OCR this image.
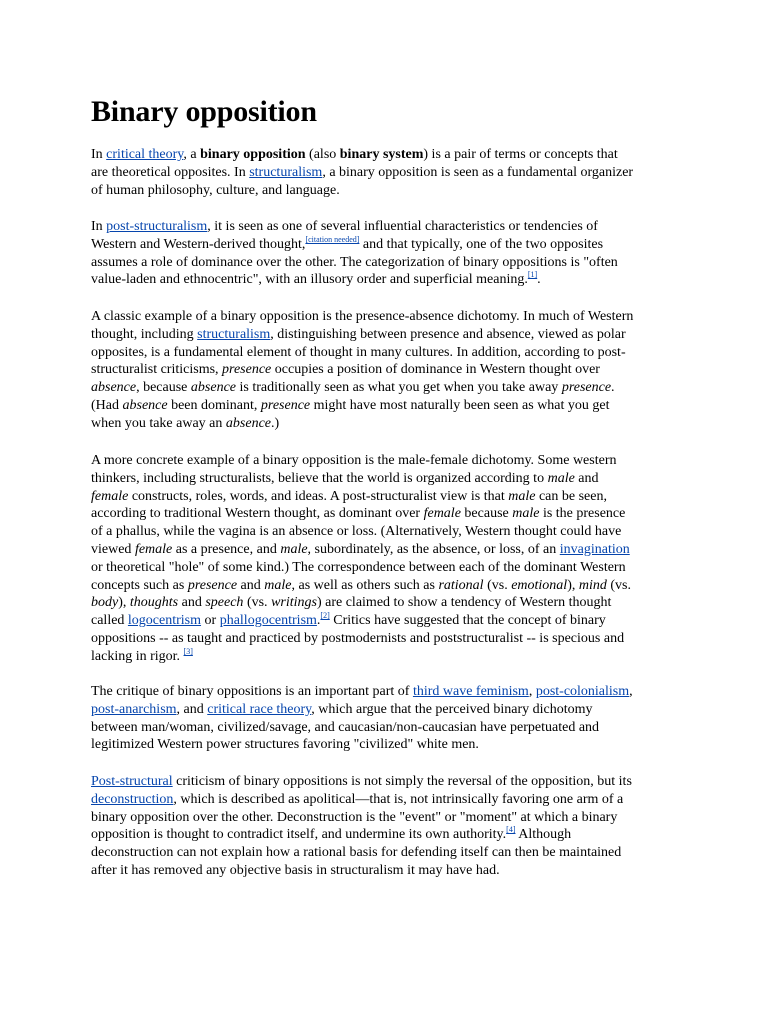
Binary opposition

In critical theory, a binary opposition (also binary system) is a pair of terms or concepts that
are theoretical opposites. In structuralism, a binary opposition is seen as a fundamental organizer
of human philosophy, culture, and language.

In post-structuralism, it is seen as one of several influential characteristics or tendencies of
Western and Western-derived thought,[citation needed] and that typically, one of the two opposites
assumes a role of dominance over the other. The categorization of binary oppositions is "often
value-laden and ethnocentric", with an illusory order and superficial meaning.[1].

A classic example of a binary opposition is the presence-absence dichotomy. In much of Western
thought, including structuralism, distinguishing between presence and absence, viewed as polar
opposites, is a fundamental element of thought in many cultures. In addition, according to post-
structuralist criticisms, presence occupies a position of dominance in Western thought over
absence, because absence is traditionally seen as what you get when you take away presence.
(Had absence been dominant, presence might have most naturally been seen as what you get
when you take away an absence.)

A more concrete example of a binary opposition is the male-female dichotomy. Some western
thinkers, including structuralists, believe that the world is organized according to male and
female constructs, roles, words, and ideas. A post-structuralist view is that male can be seen,
according to traditional Western thought, as dominant over female because male is the presence
of a phallus, while the vagina is an absence or loss. (Alternatively, Western thought could have
viewed female as a presence, and male, subordinately, as the absence, or loss, of an invagination
or theoretical "hole" of some kind.) The correspondence between each of the dominant Western
concepts such as presence and male, as well as others such as rational (vs. emotional), mind (vs.
body), thoughts and speech (vs. writings) are claimed to show a tendency of Western thought
called logocentrism or phallogocentrism.[2] Critics have suggested that the concept of binary
oppositions -- as taught and practiced by postmodernists and poststructuralist -- is specious and
lacking in rigor. [3]

The critique of binary oppositions is an important part of third wave feminism, post-colonialism,
post-anarchism, and critical race theory, which argue that the perceived binary dichotomy
between man/woman, civilized/savage, and caucasian/non-caucasian have perpetuated and
legitimized Western power structures favoring "civilized" white men.

Post-structural criticism of binary oppositions is not simply the reversal of the opposition, but its
deconstruction, which is described as apolitical—that is, not intrinsically favoring one arm of a
binary opposition over the other. Deconstruction is the "event" or "moment" at which a binary
opposition is thought to contradict itself, and undermine its own authority.[4] Although
deconstruction can not explain how a rational basis for defending itself can then be maintained
after it has removed any objective basis in structuralism it may have had.
